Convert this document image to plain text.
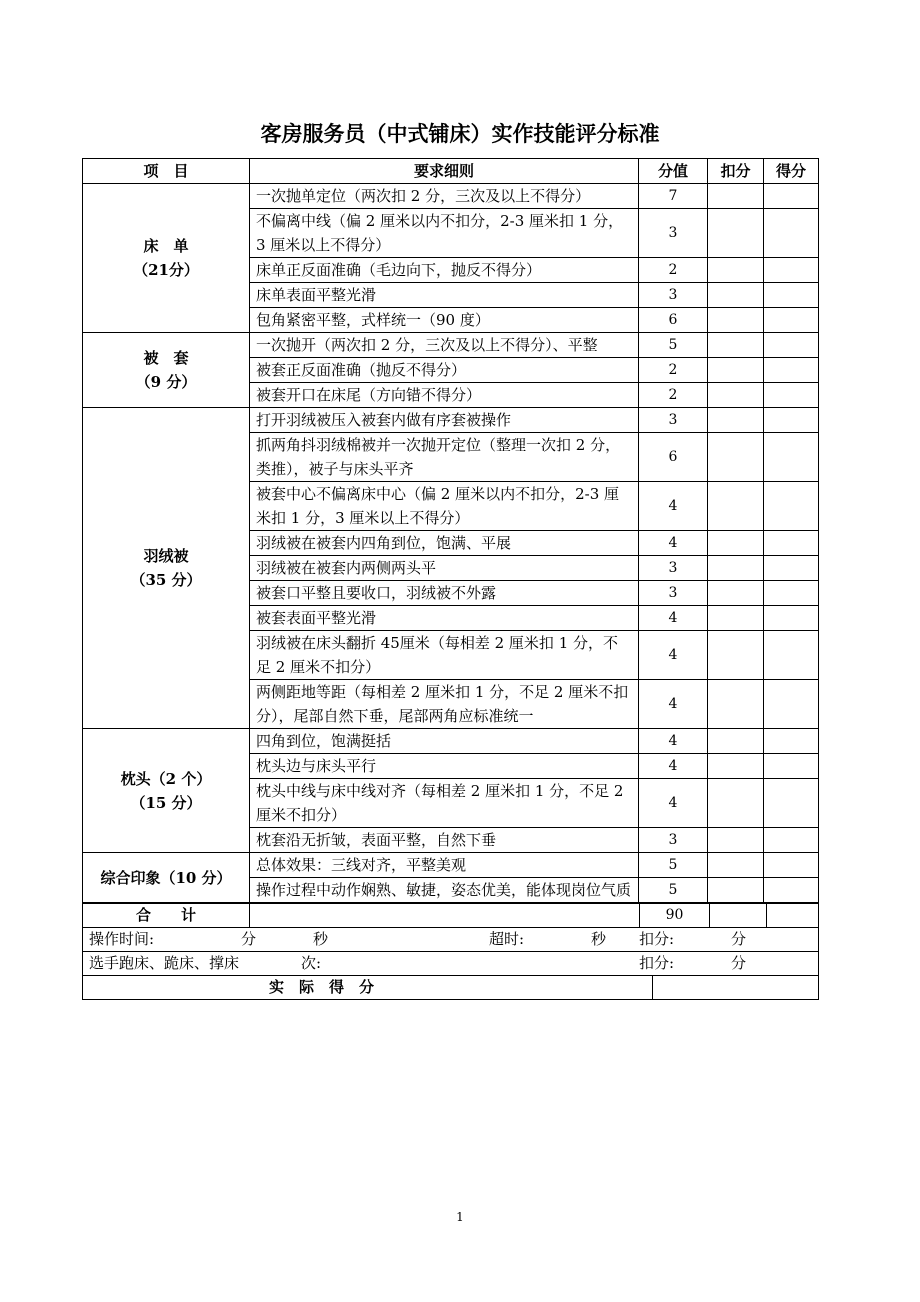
客房服务员（中式铺床）实作技能评分标准
项　目	要求细则	分值	扣分	得分

床　单
（21分）	一次抛单定位（两次扣 2 分，三次及以上不得分）	7		
	不偏离中线（偏 2 厘米以内不扣分，2-3 厘米扣 1 分，3 厘米以上不得分）	3		
	床单正反面准确（毛边向下，抛反不得分）	2		
	床单表面平整光滑	3		
	包角紧密平整，式样统一（90 度）	6		

被　套
（9 分）	一次抛开（两次扣 2 分，三次及以上不得分）、平整	5		
	被套正反面准确（抛反不得分）	2		
	被套开口在床尾（方向错不得分）	2		

羽绒被
（35 分）	打开羽绒被压入被套内做有序套被操作	3		
	抓两角抖羽绒棉被并一次抛开定位（整理一次扣 2 分，类推），被子与床头平齐	6		
	被套中心不偏离床中心（偏 2 厘米以内不扣分，2-3 厘米扣 1 分，3 厘米以上不得分）	4		
	羽绒被在被套内四角到位，饱满、平展	4		
	羽绒被在被套内两侧两头平	3		
	被套口平整且要收口，羽绒被不外露	3		
	被套表面平整光滑	4		
	羽绒被在床头翻折 45厘米（每相差 2 厘米扣 1 分，不足 2 厘米不扣分）	4		
	两侧距地等距（每相差 2 厘米扣 1 分，不足 2 厘米不扣分），尾部自然下垂，尾部两角应标准统一	4		

枕头（2 个）
（15 分）	四角到位，饱满挺括	4		
	枕头边与床头平行	4		
	枕头中线与床中线对齐（每相差 2 厘米扣 1 分，不足 2 厘米不扣分）	4		
	枕套沿无折皱，表面平整，自然下垂	3		

综合印象（10 分）	总体效果：三线对齐，平整美观	5		
	操作过程中动作娴熟、敏捷，姿态优美，能体现岗位气质	5		
合　　计	90

操作时间:	分	秒	超时:	秒 扣分:	分

选手跑床、跪床、撑床	次:	扣分:	分

实　际　得　分	
1
